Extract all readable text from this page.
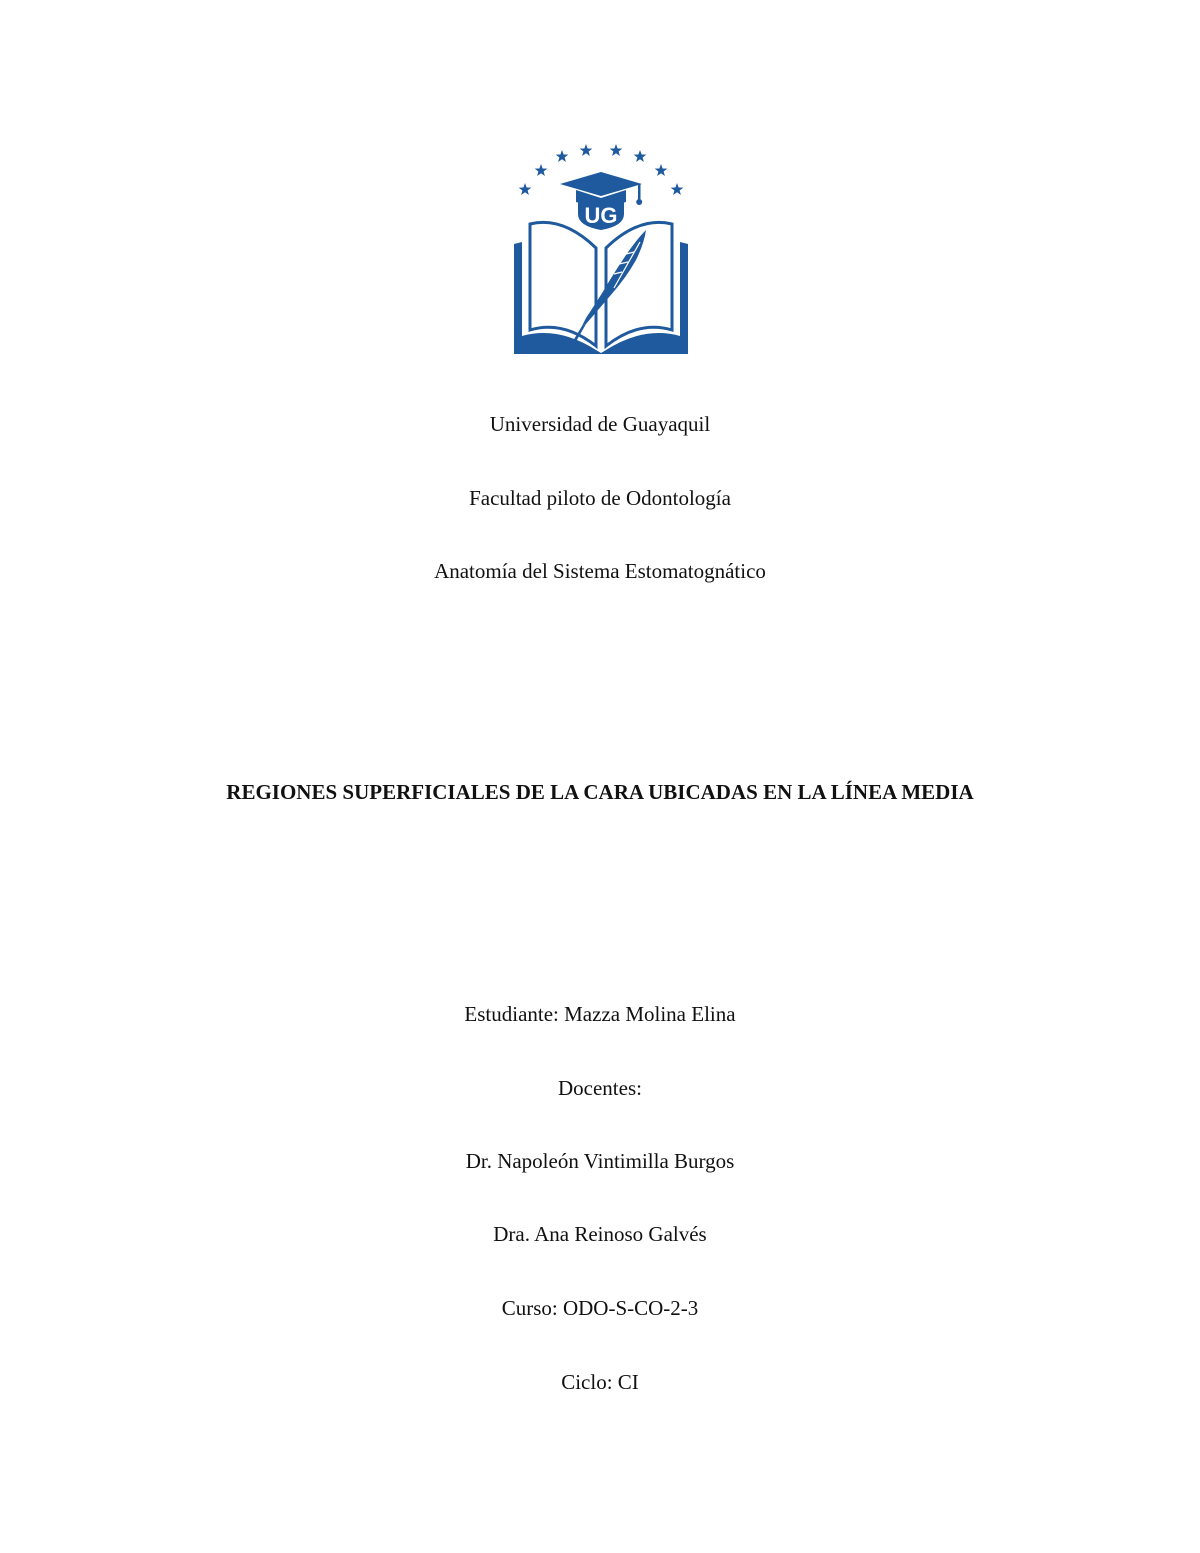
UG
Universidad de Guayaquil
Facultad piloto de Odontología
Anatomía del Sistema Estomatognático
REGIONES SUPERFICIALES DE LA CARA UBICADAS EN LA LÍNEA MEDIA
Estudiante: Mazza Molina Elina
Docentes:
Dr. Napoleón Vintimilla Burgos
Dra. Ana Reinoso Galvés
Curso: ODO-S-CO-2-3
Ciclo: CI
